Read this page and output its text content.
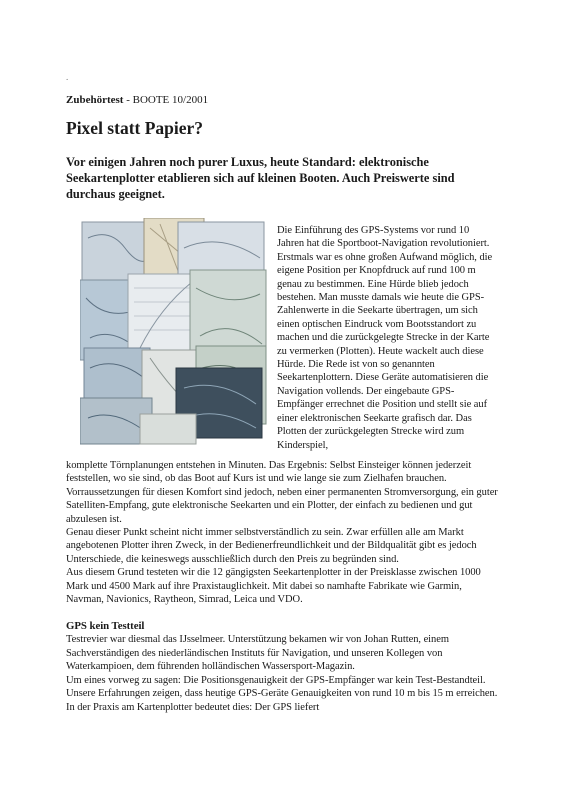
.
Zubehörtest - BOOTE 10/2001
Pixel statt Papier?

Vor einigen Jahren noch purer Luxus, heute Standard: elektronische Seekartenplotter etablieren sich auf kleinen Booten. Auch Preiswerte sind durchaus geeignet.

Die Einführung des GPS-Systems vor rund 10 Jahren hat die Sportboot-Navigation revolutioniert. Erstmals war es ohne großen Aufwand möglich, die eigene Position per Knopfdruck auf rund 100 m genau zu bestimmen. Eine Hürde blieb jedoch bestehen. Man musste damals wie heute die GPS-Zahlenwerte in die Seekarte übertragen, um sich einen optischen Eindruck vom Bootsstandort zu machen und die zurückgelegte Strecke in der Karte zu vermerken (Plotten). Heute wackelt auch diese Hürde. Die Rede ist von so genannten Seekartenplottern. Diese Geräte automatisieren die Navigation vollends. Der eingebaute GPS-Empfänger errechnet die Position und stellt sie auf einer elektronischen Seekarte grafisch dar. Das Plotten der zurückgelegten Strecke wird zum Kinderspiel,

komplette Törnplanungen entstehen in Minuten. Das Ergebnis: Selbst Einsteiger können jederzeit feststellen, wo sie sind, ob das Boot auf Kurs ist und wie lange sie zum Zielhafen brauchen.

Vorraussetzungen für diesen Komfort sind jedoch, neben einer permanenten Stromversorgung, ein guter Satelliten-Empfang, gute elektronische Seekarten und ein Plotter, der einfach zu bedienen und gut abzulesen ist.

Genau dieser Punkt scheint nicht immer selbstverständlich zu sein. Zwar erfüllen alle am Markt angebotenen Plotter ihren Zweck, in der Bedienerfreundlichkeit und der Bildqualität gibt es jedoch Unterschiede, die keineswegs ausschließlich durch den Preis zu begründen sind.

Aus diesem Grund testeten wir die 12 gängigsten Seekartenplotter in der Preisklasse zwischen 1000 Mark und 4500 Mark auf ihre Praxistauglichkeit. Mit dabei so namhafte Fabrikate wie Garmin, Navman, Navionics, Raytheon, Simrad, Leica und VDO.

GPS kein Testteil

Testrevier war diesmal das IJsselmeer. Unterstützung bekamen wir von Johan Rutten, einem Sachverständigen des niederländischen Instituts für Navigation, und unseren Kollegen von Waterkampioen, dem führenden holländischen Wassersport-Magazin.

Um eines vorweg zu sagen: Die Positionsgenauigkeit der GPS-Empfänger war kein Test-Bestandteil. Unsere Erfahrungen zeigen, dass heutige GPS-Geräte Genauigkeiten von rund 10 m bis 15 m erreichen. In der Praxis am Kartenplotter bedeutet dies: Der GPS liefert
